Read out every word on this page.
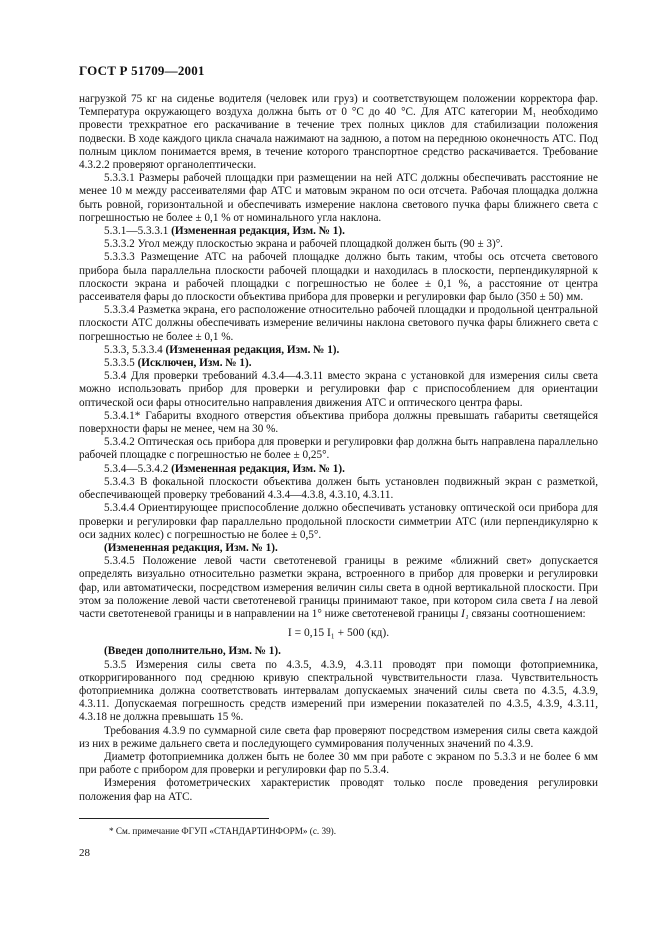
ГОСТ Р 51709—2001

нагрузкой 75 кг на сиденье водителя (человек или груз) и соответствующем положении корректора фар. Температура окружающего воздуха должна быть от 0 °С до 40 °С. Для АТС категории М₁ необходимо провести трехкратное его раскачивание в течение трех полных циклов для стабилизации положения подвески. В ходе каждого цикла сначала нажимают на заднюю, а потом на переднюю оконечность АТС. Под полным циклом понимается время, в течение которого транспортное средство раскачивается. Требование 4.3.2.2 проверяют органолептически.

5.3.3.1 Размеры рабочей площадки при размещении на ней АТС должны обеспечивать расстояние не менее 10 м между рассеивателями фар АТС и матовым экраном по оси отсчета. Рабочая площадка должна быть ровной, горизонтальной и обеспечивать измерение наклона светового пучка фары ближнего света с погрешностью не более ± 0,1 % от номинального угла наклона.

5.3.1—5.3.3.1 (Измененная редакция, Изм. № 1).

5.3.3.2 Угол между плоскостью экрана и рабочей площадкой должен быть (90 ± 3)°.

5.3.3.3 Размещение АТС на рабочей площадке должно быть таким, чтобы ось отсчета светового прибора была параллельна плоскости рабочей площадки и находилась в плоскости, перпендикулярной к плоскости экрана и рабочей площадки с погрешностью не более ± 0,1 %, а расстояние от центра рассеивателя фары до плоскости объектива прибора для проверки и регулировки фар было (350 ± 50) мм.

5.3.3.4 Разметка экрана, его расположение относительно рабочей площадки и продольной центральной плоскости АТС должны обеспечивать измерение величины наклона светового пучка фары ближнего света с погрешностью не более ± 0,1 %.

5.3.3, 5.3.3.4 (Измененная редакция, Изм. № 1).

5.3.3.5 (Исключен, Изм. № 1).

5.3.4 Для проверки требований 4.3.4—4.3.11 вместо экрана с установкой для измерения силы света можно использовать прибор для проверки и регулировки фар с приспособлением для ориентации оптической оси фары относительно направления движения АТС и оптического центра фары.

5.3.4.1* Габариты входного отверстия объектива прибора должны превышать габариты светящейся поверхности фары не менее, чем на 30 %.

5.3.4.2 Оптическая ось прибора для проверки и регулировки фар должна быть направлена параллельно рабочей площадке с погрешностью не более ± 0,25°.

5.3.4—5.3.4.2 (Измененная редакция, Изм. № 1).

5.3.4.3 В фокальной плоскости объектива должен быть установлен подвижный экран с разметкой, обеспечивающей проверку требований 4.3.4—4.3.8, 4.3.10, 4.3.11.

5.3.4.4 Ориентирующее приспособление должно обеспечивать установку оптической оси прибора для проверки и регулировки фар параллельно продольной плоскости симметрии АТС (или перпендикулярно к оси задних колес) с погрешностью не более ± 0,5°.

(Измененная редакция, Изм. № 1).

5.3.4.5 Положение левой части светотеневой границы в режиме «ближний свет» допускается определять визуально относительно разметки экрана, встроенного в прибор для проверки и регулировки фар, или автоматически, посредством измерения величин силы света в одной вертикальной плоскости. При этом за положение левой части светотеневой границы принимают такое, при котором сила света I на левой части светотеневой границы и в направлении на 1° ниже светотеневой границы I₁ связаны соотношением:

I = 0,15 I₁ + 500 (кд).

(Введен дополнительно, Изм. № 1).

5.3.5 Измерения силы света по 4.3.5, 4.3.9, 4.3.11 проводят при помощи фотоприемника, откорригированного под среднюю кривую спектральной чувствительности глаза. Чувствительность фотоприемника должна соответствовать интервалам допускаемых значений силы света по 4.3.5, 4.3.9, 4.3.11. Допускаемая погрешность средств измерений при измерении показателей по 4.3.5, 4.3.9, 4.3.11, 4.3.18 не должна превышать 15 %.

Требования 4.3.9 по суммарной силе света фар проверяют посредством измерения силы света каждой из них в режиме дальнего света и последующего суммирования полученных значений по 4.3.9.

Диаметр фотоприемника должен быть не более 30 мм при работе с экраном по 5.3.3 и не более 6 мм при работе с прибором для проверки и регулировки фар по 5.3.4.

Измерения фотометрических характеристик проводят только после проведения регулировки положения фар на АТС.

* См. примечание ФГУП «СТАНДАРТИНФОРМ» (с. 39).
28
